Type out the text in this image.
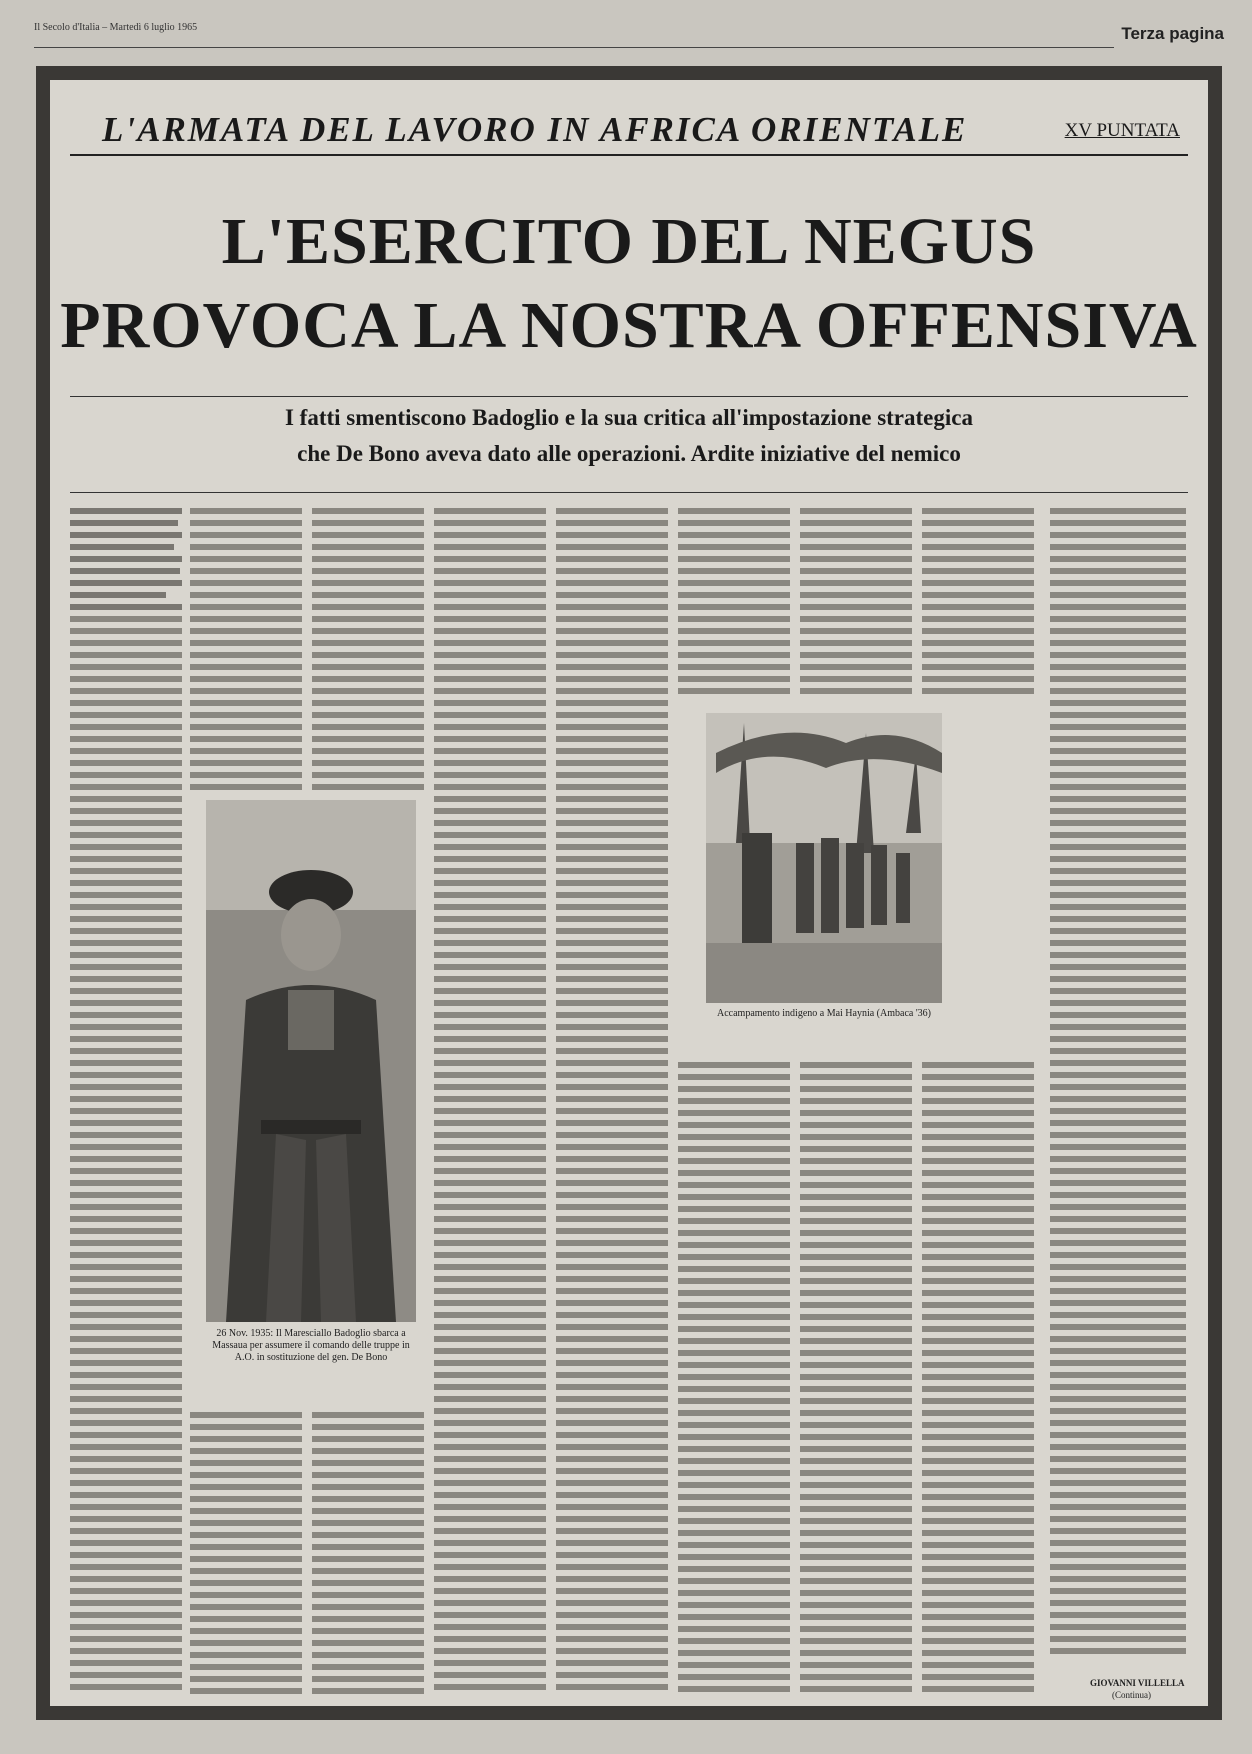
Il Secolo d'Italia – Martedì 6 luglio 1965	Terza pagina
L'ARMATA DEL LAVORO IN AFRICA ORIENTALE	XV PUNTATA
L'ESERCITO DEL NEGUS
PROVOCA LA NOSTRA OFFENSIVA
I fatti smentiscono Badoglio e la sua critica all'impostazione strategica
che De Bono aveva dato alle operazioni. Ardite iniziative del nemico
26 Nov. 1935: Il Maresciallo Badoglio sbarca a Massaua per assumere il comando delle truppe in A.O. in sostituzione del gen. De Bono
Accampamento indigeno a Mai Haynia (Ambaca '36)
GIOVANNI VILLELLA
(Continua)
